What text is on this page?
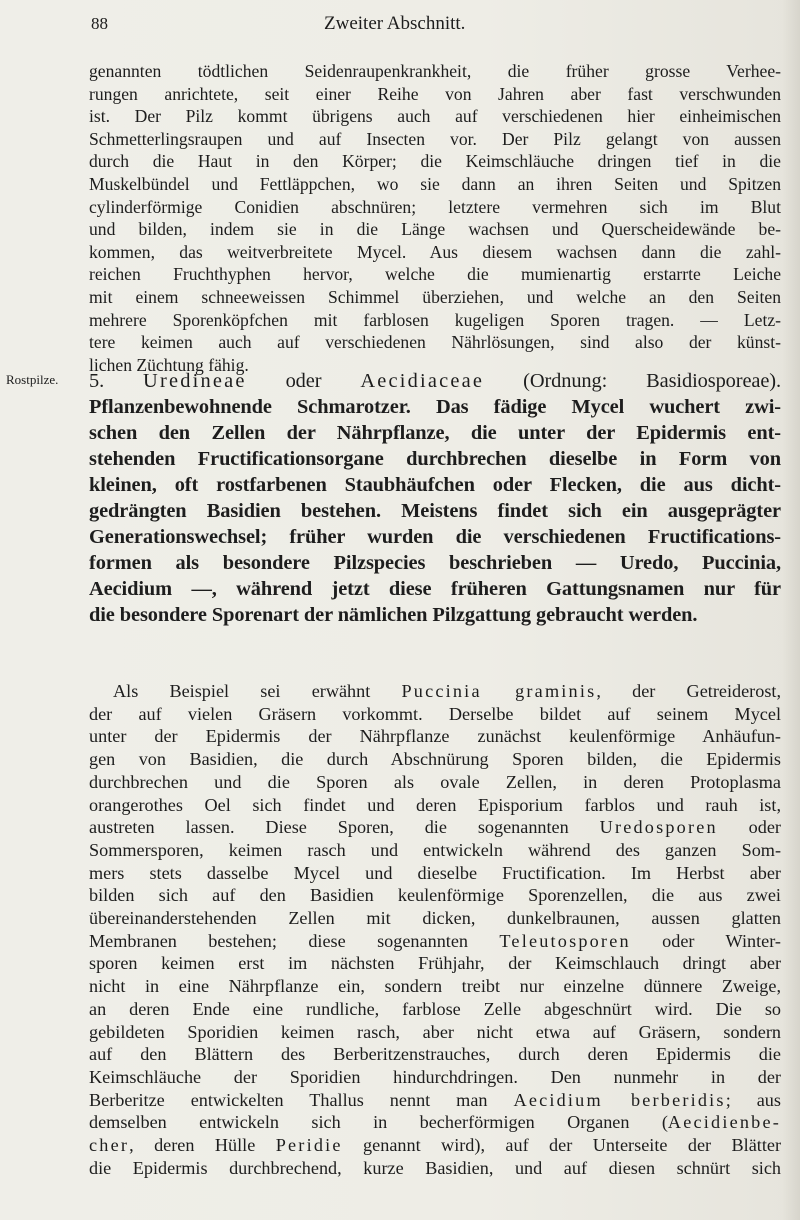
88	Zweiter Abschnitt.
Rostpilze.
genannten tödtlichen Seidenraupenkrankheit, die früher grosse Verhee-
rungen anrichtete, seit einer Reihe von Jahren aber fast verschwunden
ist. Der Pilz kommt übrigens auch auf verschiedenen hier einheimischen
Schmetterlingsraupen und auf Insecten vor. Der Pilz gelangt von aussen
durch die Haut in den Körper; die Keimschläuche dringen tief in die
Muskelbündel und Fettläppchen, wo sie dann an ihren Seiten und Spitzen
cylinderförmige Conidien abschnüren; letztere vermehren sich im Blut
und bilden, indem sie in die Länge wachsen und Querscheidewände be-
kommen, das weitverbreitete Mycel. Aus diesem wachsen dann die zahl-
reichen Fruchthyphen hervor, welche die mumienartig erstarrte Leiche
mit einem schneeweissen Schimmel überziehen, und welche an den Seiten
mehrere Sporenköpfchen mit farblosen kugeligen Sporen tragen. — Letz-
tere keimen auch auf verschiedenen Nährlösungen, sind also der künst-
lichen Züchtung fähig.
5. Uredineae oder Aecidiaceae (Ordnung: Basidiosporeae).
Pflanzenbewohnende Schmarotzer. Das fädige Mycel wuchert zwi-
schen den Zellen der Nährpflanze, die unter der Epidermis ent-
stehenden Fructificationsorgane durchbrechen dieselbe in Form von
kleinen, oft rostfarbenen Staubhäufchen oder Flecken, die aus dicht-
gedrängten Basidien bestehen. Meistens findet sich ein ausgeprägter
Generationswechsel; früher wurden die verschiedenen Fructifications-
formen als besondere Pilzspecies beschrieben — Uredo, Puccinia,
Aecidium —, während jetzt diese früheren Gattungsnamen nur für
die besondere Sporenart der nämlichen Pilzgattung gebraucht werden.
Als Beispiel sei erwähnt Puccinia graminis, der Getreiderost,
der auf vielen Gräsern vorkommt. Derselbe bildet auf seinem Mycel
unter der Epidermis der Nährpflanze zunächst keulenförmige Anhäufun-
gen von Basidien, die durch Abschnürung Sporen bilden, die Epidermis
durchbrechen und die Sporen als ovale Zellen, in deren Protoplasma
orangerothes Oel sich findet und deren Episporium farblos und rauh ist,
austreten lassen. Diese Sporen, die sogenannten Uredosporen oder
Sommersporen, keimen rasch und entwickeln während des ganzen Som-
mers stets dasselbe Mycel und dieselbe Fructification. Im Herbst aber
bilden sich auf den Basidien keulenförmige Sporenzellen, die aus zwei
übereinanderstehenden Zellen mit dicken, dunkelbraunen, aussen glatten
Membranen bestehen; diese sogenannten Teleutosporen oder Winter-
sporen keimen erst im nächsten Frühjahr, der Keimschlauch dringt aber
nicht in eine Nährpflanze ein, sondern treibt nur einzelne dünnere Zweige,
an deren Ende eine rundliche, farblose Zelle abgeschnürt wird. Die so
gebildeten Sporidien keimen rasch, aber nicht etwa auf Gräsern, sondern
auf den Blättern des Berberitzenstrauches, durch deren Epidermis die
Keimschläuche der Sporidien hindurchdringen. Den nunmehr in der
Berberitze entwickelten Thallus nennt man Aecidium berberidis; aus
demselben entwickeln sich in becherförmigen Organen (Aecidienbe-
cher, deren Hülle Peridie genannt wird), auf der Unterseite der Blätter
die Epidermis durchbrechend, kurze Basidien, und auf diesen schnürt sich
